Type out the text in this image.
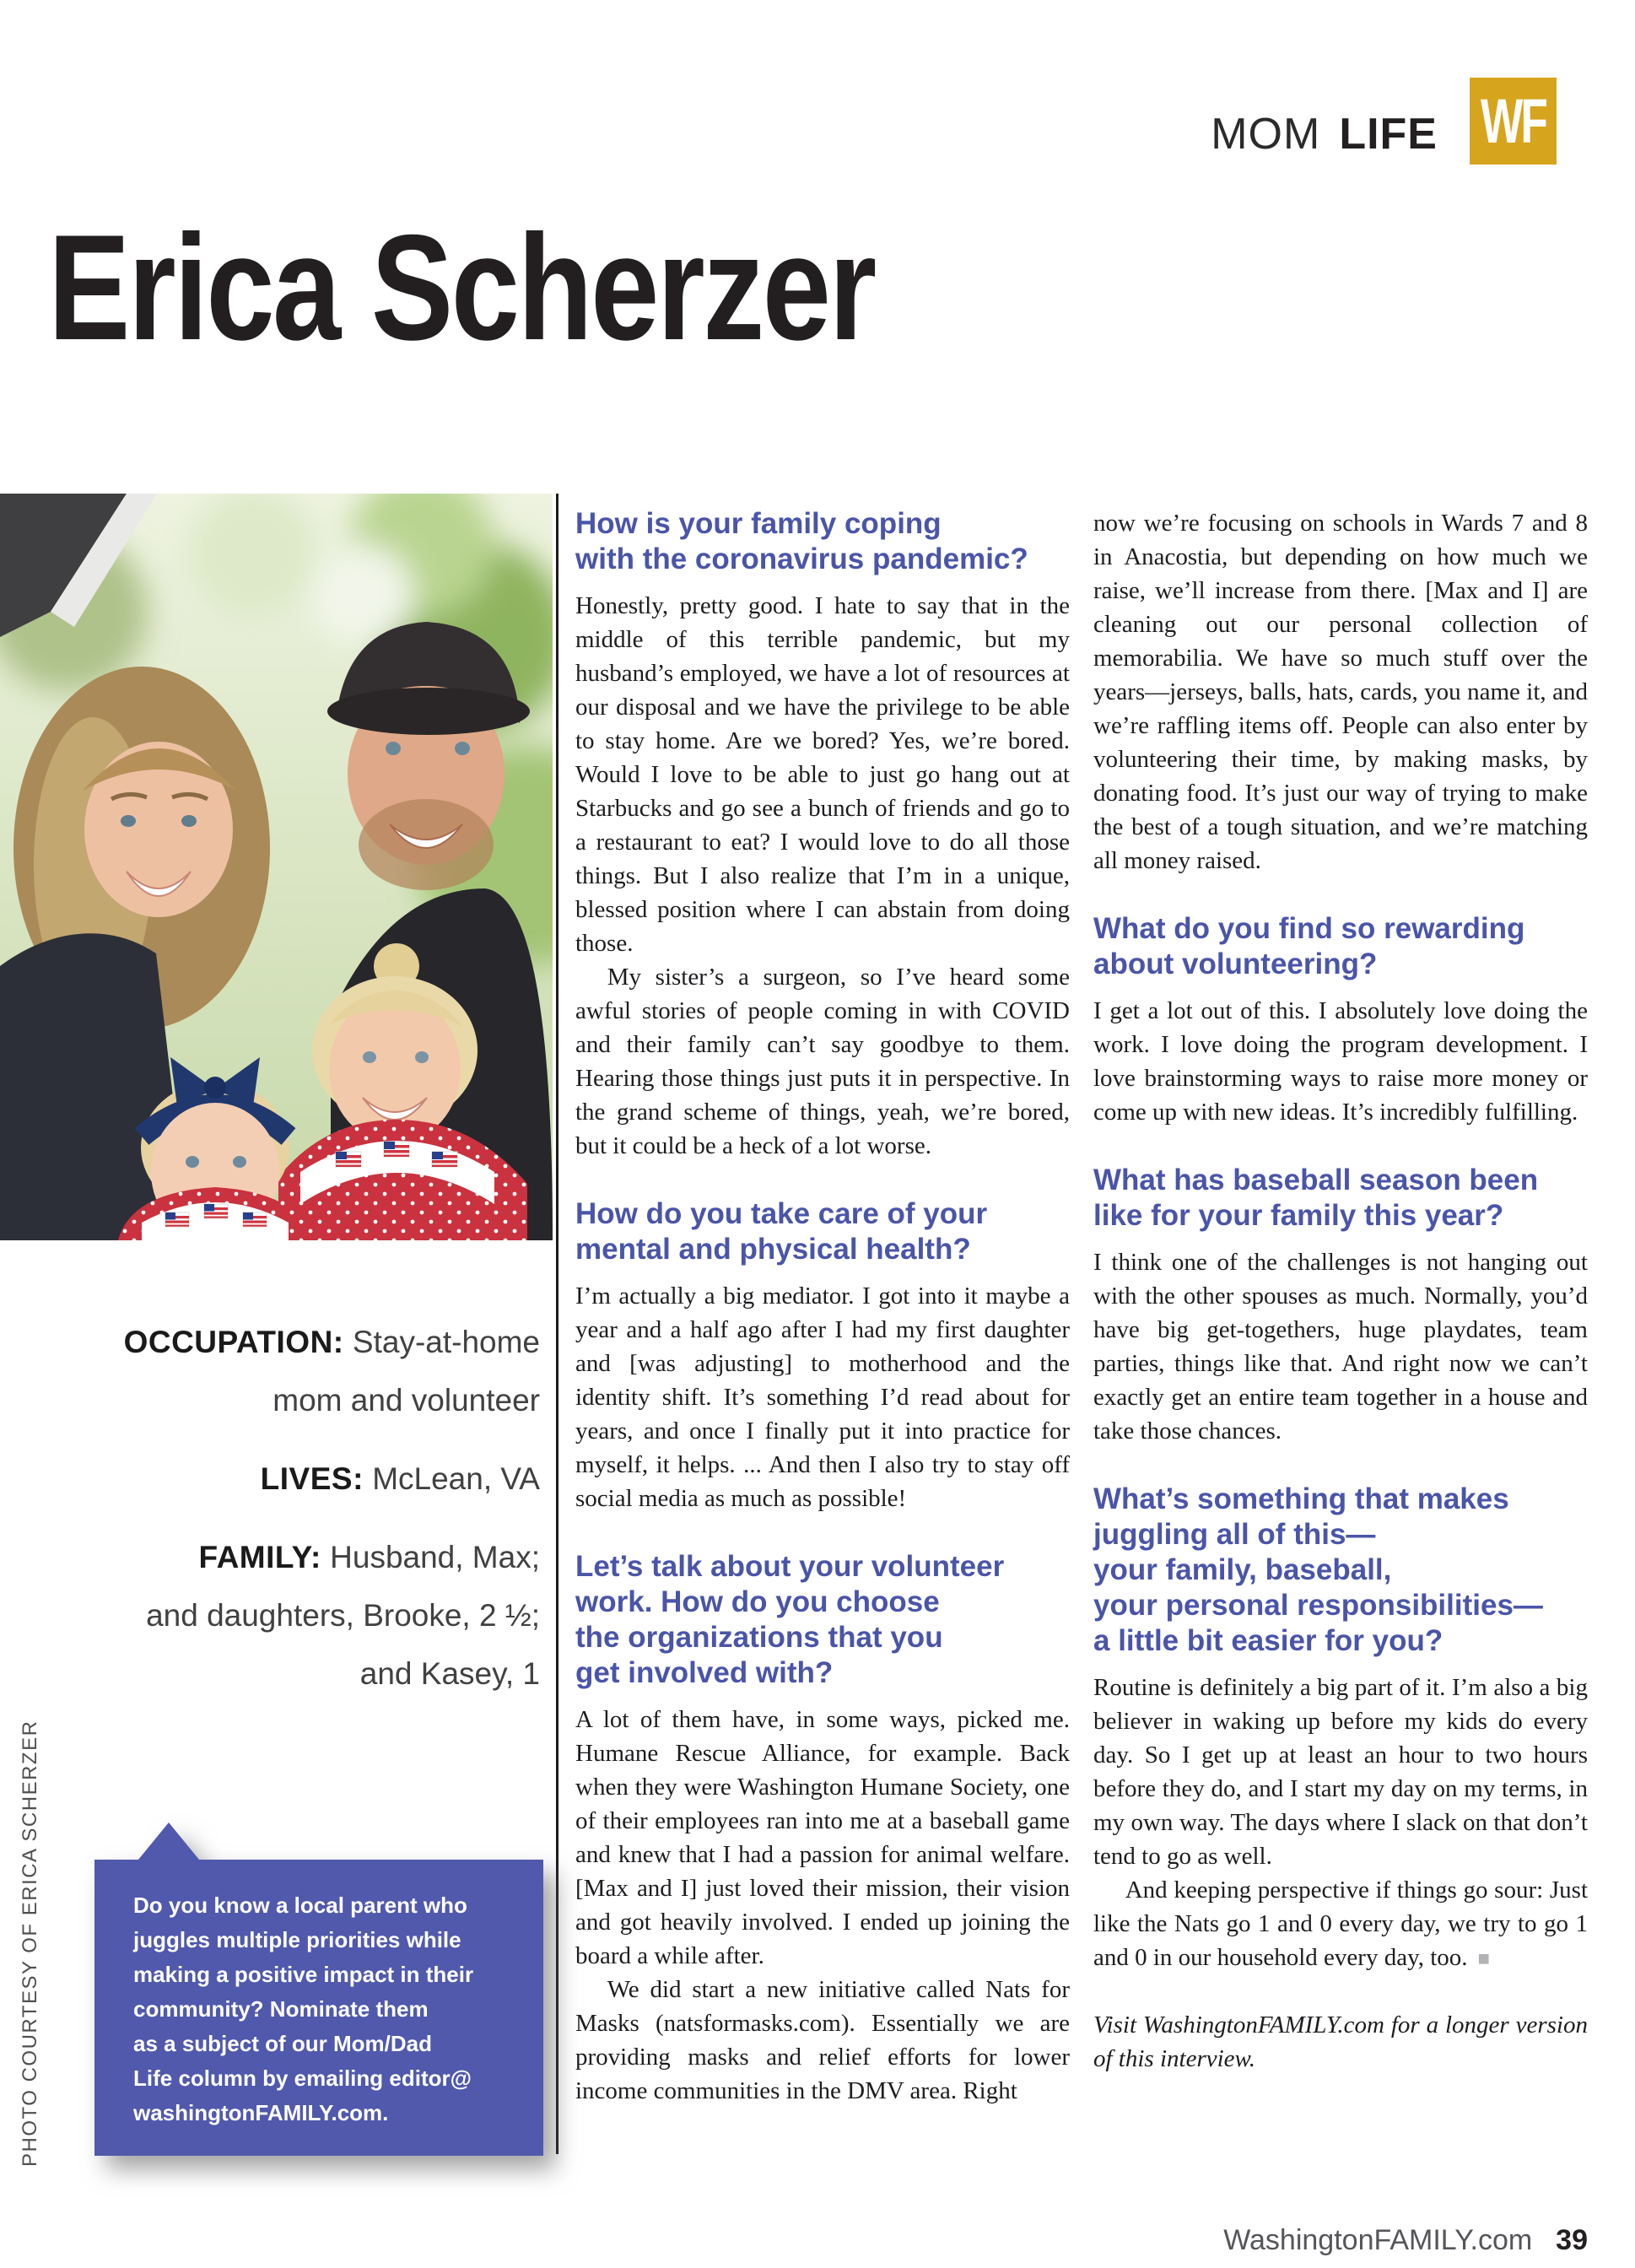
MOM LIFE WF
Erica Scherzer
OCCUPATION: Stay-at-home
mom and volunteer
LIVES: McLean, VA
FAMILY: Husband, Max;
and daughters, Brooke, 2 ½;
and Kasey, 1
Do you know a local parent who
juggles multiple priorities while
making a positive impact in their
community? Nominate them
as a subject of our Mom/Dad
Life column by emailing editor@
washingtonFAMILY.com.
PHOTO COURTESY OF ERICA SCHERZER
How is your family coping
with the coronavirus pandemic?

Honestly, pretty good. I hate to say that in the middle of this terrible pandemic, but my husband’s employed, we have a lot of resources at our disposal and we have the privilege to be able to stay home. Are we bored? Yes, we’re bored. Would I love to be able to just go hang out at Starbucks and go see a bunch of friends and go to a restaurant to eat? I would love to do all those things. But I also realize that I’m in a unique, blessed position where I can abstain from doing those.

My sister’s a surgeon, so I’ve heard some awful stories of people coming in with COVID and their family can’t say goodbye to them. Hearing those things just puts it in perspective. In the grand scheme of things, yeah, we’re bored, but it could be a heck of a lot worse.

How do you take care of your
mental and physical health?

I’m actually a big mediator. I got into it maybe a year and a half ago after I had my first daughter and [was adjusting] to motherhood and the identity shift. It’s something I’d read about for years, and once I finally put it into practice for myself, it helps. ... And then I also try to stay off social media as much as possible!

Let’s talk about your volunteer
work. How do you choose
the organizations that you
get involved with?

A lot of them have, in some ways, picked me. Humane Rescue Alliance, for example. Back when they were Washington Humane Society, one of their employees ran into me at a baseball game and knew that I had a passion for animal welfare. [Max and I] just loved their mission, their vision and got heavily involved. I ended up joining the board a while after.

We did start a new initiative called Nats for Masks (natsformasks.com). Essentially we are providing masks and relief efforts for lower income communities in the DMV area. Right

now we’re focusing on schools in Wards 7 and 8 in Anacostia, but depending on how much we raise, we’ll increase from there. [Max and I] are cleaning out our personal collection of memorabilia. We have so much stuff over the years—jerseys, balls, hats, cards, you name it, and we’re raffling items off. People can also enter by volunteering their time, by making masks, by donating food. It’s just our way of trying to make the best of a tough situation, and we’re matching all money raised.

What do you find so rewarding
about volunteering?

I get a lot out of this. I absolutely love doing the work. I love doing the program development. I love brainstorming ways to raise more money or come up with new ideas. It’s incredibly fulfilling.

What has baseball season been
like for your family this year?

I think one of the challenges is not hanging out with the other spouses as much. Normally, you’d have big get-togethers, huge playdates, team parties, things like that. And right now we can’t exactly get an entire team together in a house and take those chances.

What’s something that makes
juggling all of this—
your family, baseball,
your personal responsibilities—
a little bit easier for you?

Routine is definitely a big part of it. I’m also a big believer in waking up before my kids do every day. So I get up at least an hour to two hours before they do, and I start my day on my terms, in my own way. The days where I slack on that don’t tend to go as well.

And keeping perspective if things go sour: Just like the Nats go 1 and 0 every day, we try to go 1 and 0 in our household every day, too. ■

Visit WashingtonFAMILY.com for a longer version of this interview.

WashingtonFAMILY.com 39
